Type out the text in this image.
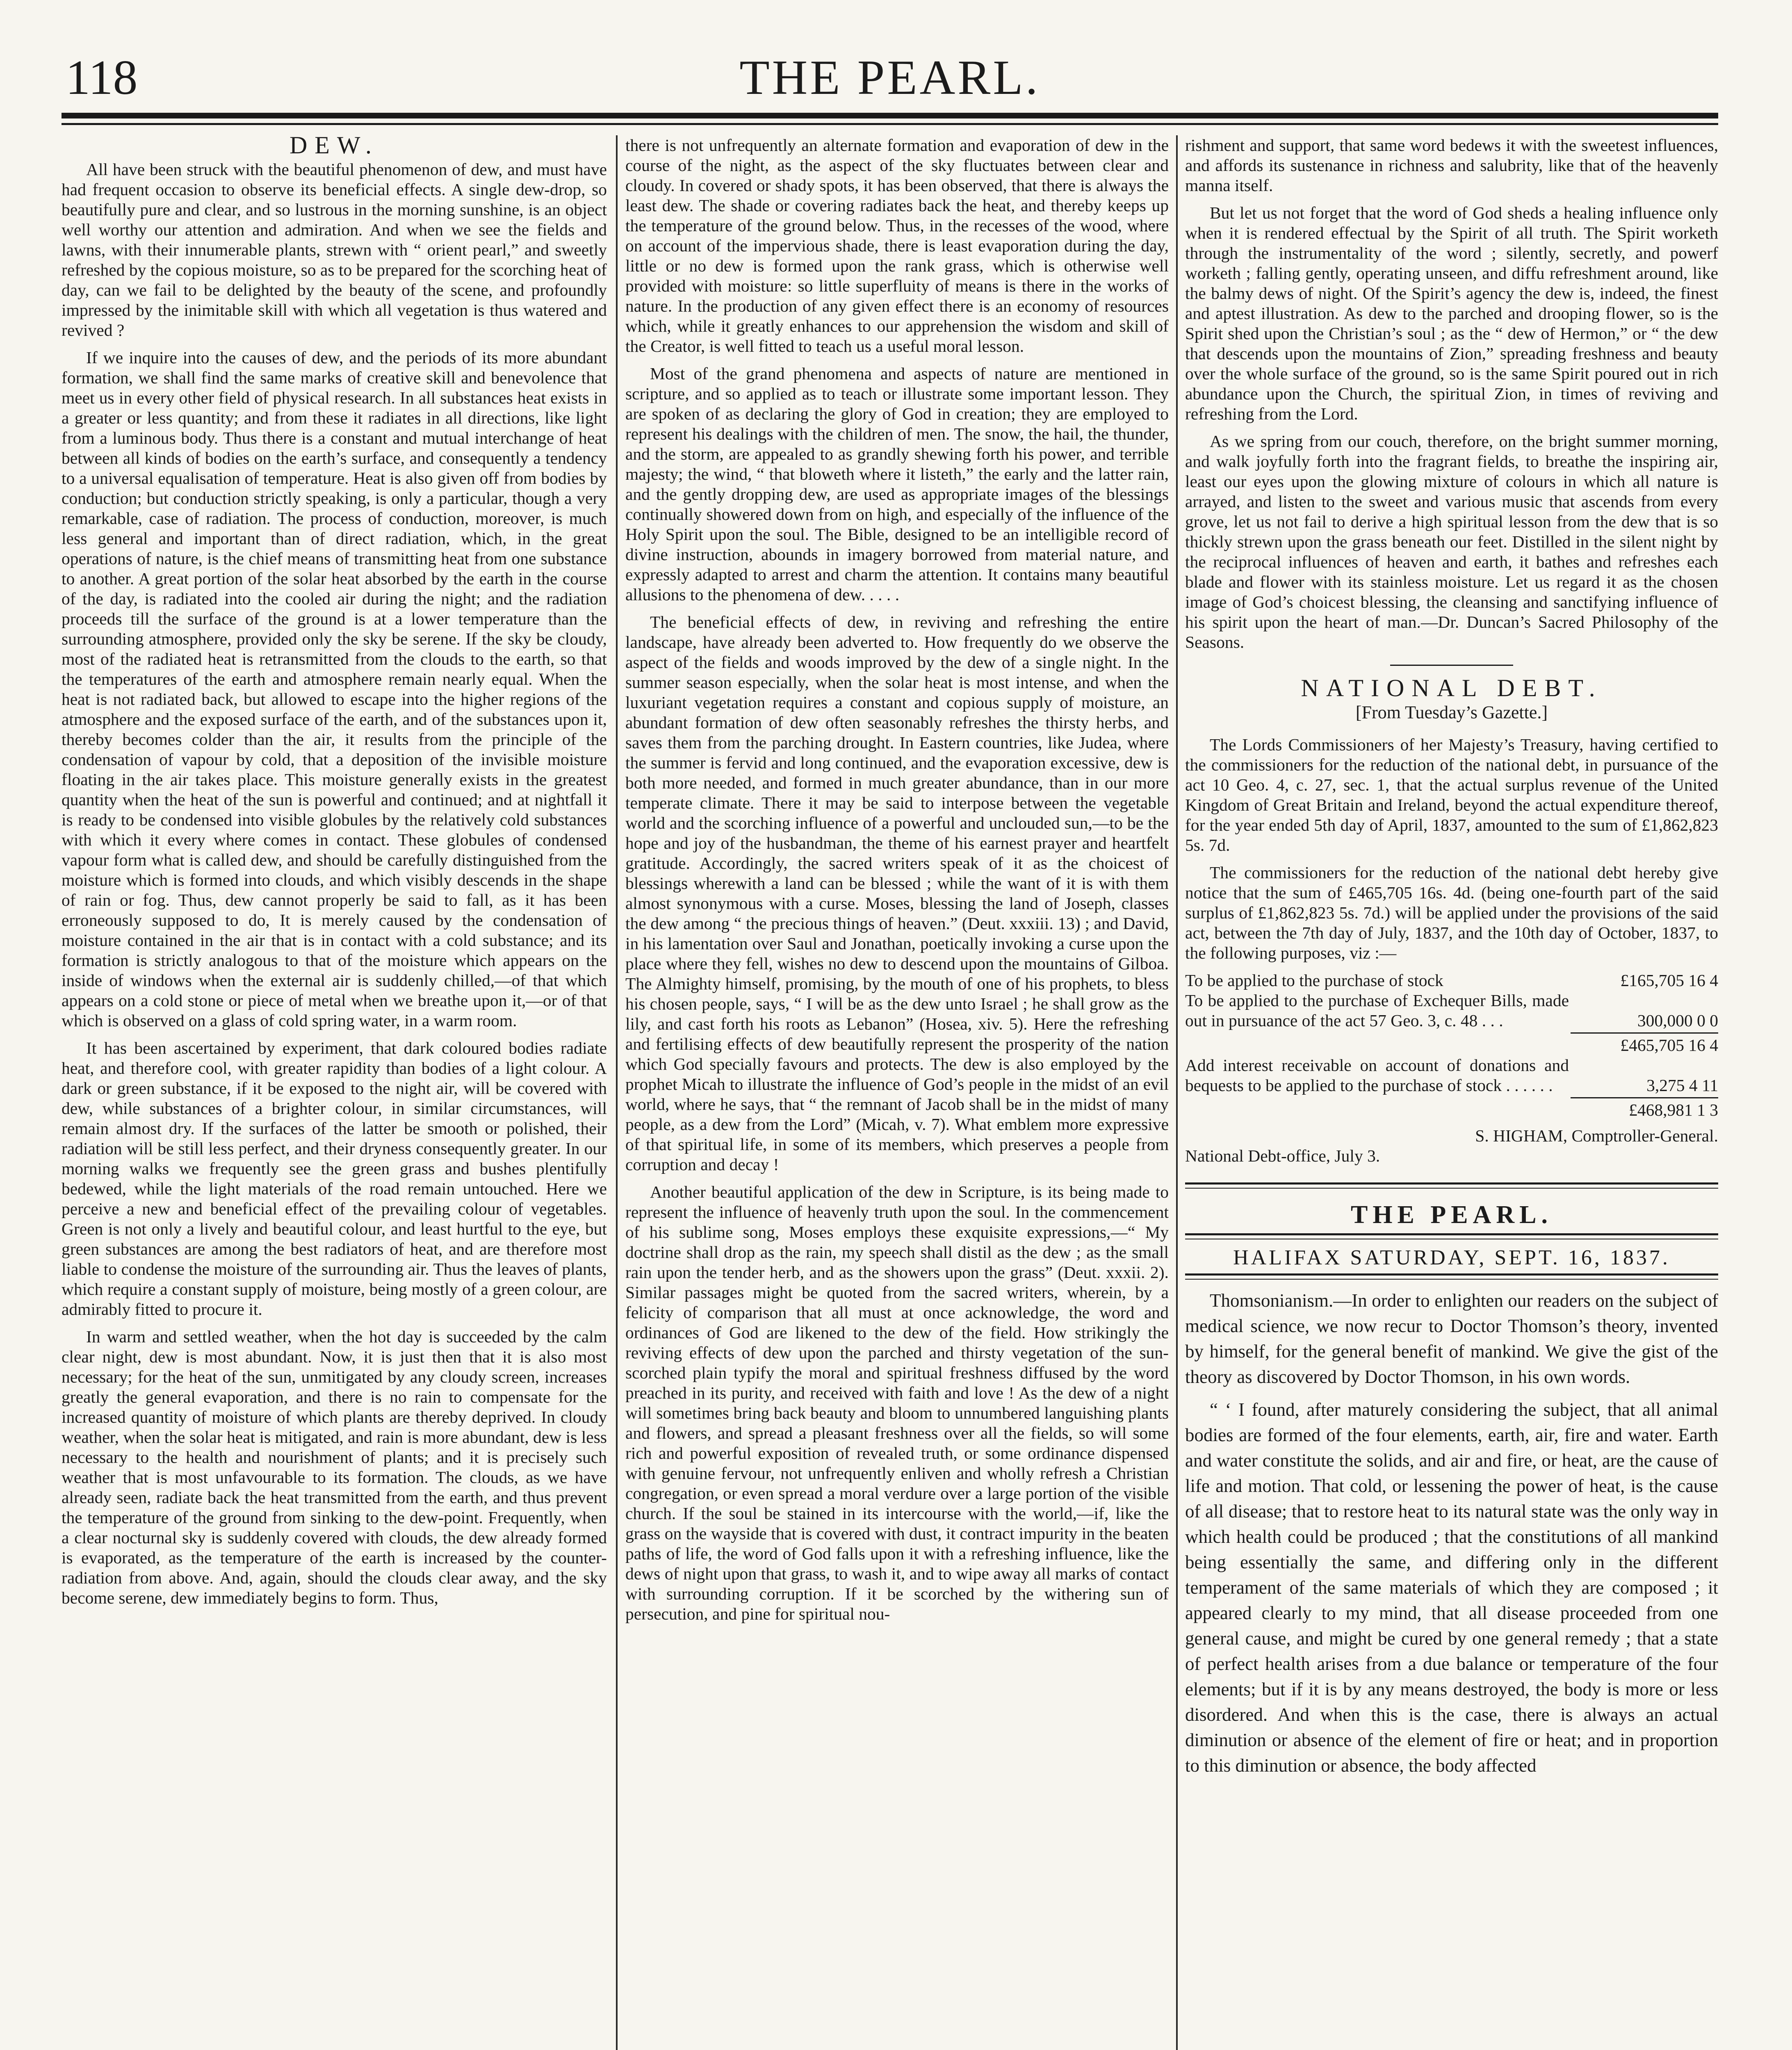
118	THE PEARL.
DEW.

All have been struck with the beautiful phenomenon of dew, and must have had frequent occasion to observe its beneficial effects. A single dew-drop, so beautifully pure and clear, and so lustrous in the morning sunshine, is an object well worthy our attention and admiration. And when we see the fields and lawns, with their innumerable plants, strewn with “ orient pearl,” and sweetly refreshed by the copious moisture, so as to be prepared for the scorching heat of day, can we fail to be delighted by the beauty of the scene, and profoundly impressed by the inimitable skill with which all vegetation is thus watered and revived ?

If we inquire into the causes of dew, and the periods of its more abundant formation, we shall find the same marks of creative skill and benevolence that meet us in every other field of physical research. In all substances heat exists in a greater or less quantity; and from these it radiates in all directions, like light from a luminous body. Thus there is a constant and mutual interchange of heat between all kinds of bodies on the earth’s surface, and consequently a tendency to a universal equalisation of temperature. Heat is also given off from bodies by conduction; but conduction strictly speaking, is only a particular, though a very remarkable, case of radiation. The process of conduction, moreover, is much less general and important than of direct radiation, which, in the great operations of nature, is the chief means of transmitting heat from one substance to another. A great portion of the solar heat absorbed by the earth in the course of the day, is radiated into the cooled air during the night; and the radiation proceeds till the surface of the ground is at a lower temperature than the surrounding atmosphere, provided only the sky be serene. If the sky be cloudy, most of the radiated heat is retransmitted from the clouds to the earth, so that the temperatures of the earth and atmosphere remain nearly equal. When the heat is not radiated back, but allowed to escape into the higher regions of the atmosphere and the exposed surface of the earth, and of the substances upon it, thereby becomes colder than the air, it results from the principle of the condensation of vapour by cold, that a deposition of the invisible moisture floating in the air takes place. This moisture generally exists in the greatest quantity when the heat of the sun is powerful and continued; and at nightfall it is ready to be condensed into visible globules by the relatively cold substances with which it every where comes in contact. These globules of condensed vapour form what is called dew, and should be carefully distinguished from the moisture which is formed into clouds, and which visibly descends in the shape of rain or fog. Thus, dew cannot properly be said to fall, as it has been erroneously supposed to do, It is merely caused by the condensation of moisture contained in the air that is in contact with a cold substance; and its formation is strictly analogous to that of the moisture which appears on the inside of windows when the external air is suddenly chilled,—of that which appears on a cold stone or piece of metal when we breathe upon it,—or of that which is observed on a glass of cold spring water, in a warm room.

It has been ascertained by experiment, that dark coloured bodies radiate heat, and therefore cool, with greater rapidity than bodies of a light colour. A dark or green substance, if it be exposed to the night air, will be covered with dew, while substances of a brighter colour, in similar circumstances, will remain almost dry. If the surfaces of the latter be smooth or polished, their radiation will be still less perfect, and their dryness consequently greater. In our morning walks we frequently see the green grass and bushes plentifully bedewed, while the light materials of the road remain untouched. Here we perceive a new and beneficial effect of the prevailing colour of vegetables. Green is not only a lively and beautiful colour, and least hurtful to the eye, but green substances are among the best radiators of heat, and are therefore most liable to condense the moisture of the surrounding air. Thus the leaves of plants, which require a constant supply of moisture, being mostly of a green colour, are admirably fitted to procure it.

In warm and settled weather, when the hot day is succeeded by the calm clear night, dew is most abundant. Now, it is just then that it is also most necessary; for the heat of the sun, unmitigated by any cloudy screen, increases greatly the general evaporation, and there is no rain to compensate for the increased quantity of moisture of which plants are thereby deprived. In cloudy weather, when the solar heat is mitigated, and rain is more abundant, dew is less necessary to the health and nourishment of plants; and it is precisely such weather that is most unfavourable to its formation. The clouds, as we have already seen, radiate back the heat transmitted from the earth, and thus prevent the temperature of the ground from sinking to the dew-point. Frequently, when a clear nocturnal sky is suddenly covered with clouds, the dew already formed is evaporated, as the temperature of the earth is increased by the counter-radiation from above. And, again, should the clouds clear away, and the sky become serene, dew immediately begins to form. Thus,

there is not unfrequently an alternate formation and evaporation of dew in the course of the night, as the aspect of the sky fluctuates between clear and cloudy. In covered or shady spots, it has been observed, that there is always the least dew. The shade or covering radiates back the heat, and thereby keeps up the temperature of the ground below. Thus, in the recesses of the wood, where on account of the impervious shade, there is least evaporation during the day, little or no dew is formed upon the rank grass, which is otherwise well provided with moisture: so little superfluity of means is there in the works of nature. In the production of any given effect there is an economy of resources which, while it greatly enhances to our apprehension the wisdom and skill of the Creator, is well fitted to teach us a useful moral lesson.

Most of the grand phenomena and aspects of nature are mentioned in scripture, and so applied as to teach or illustrate some important lesson. They are spoken of as declaring the glory of God in creation; they are employed to represent his dealings with the children of men. The snow, the hail, the thunder, and the storm, are appealed to as grandly shewing forth his power, and terrible majesty; the wind, “ that bloweth where it listeth,” the early and the latter rain, and the gently dropping dew, are used as appropriate images of the blessings continually showered down from on high, and especially of the influence of the Holy Spirit upon the soul. The Bible, designed to be an intelligible record of divine instruction, abounds in imagery borrowed from material nature, and expressly adapted to arrest and charm the attention. It contains many beautiful allusions to the phenomena of dew. . . . .

The beneficial effects of dew, in reviving and refreshing the entire landscape, have already been adverted to. How frequently do we observe the aspect of the fields and woods improved by the dew of a single night. In the summer season especially, when the solar heat is most intense, and when the luxuriant vegetation requires a constant and copious supply of moisture, an abundant formation of dew often seasonably refreshes the thirsty herbs, and saves them from the parching drought. In Eastern countries, like Judea, where the summer is fervid and long continued, and the evaporation excessive, dew is both more needed, and formed in much greater abundance, than in our more temperate climate. There it may be said to interpose between the vegetable world and the scorching influence of a powerful and unclouded sun,—to be the hope and joy of the husbandman, the theme of his earnest prayer and heartfelt gratitude. Accordingly, the sacred writers speak of it as the choicest of blessings wherewith a land can be blessed ; while the want of it is with them almost synonymous with a curse. Moses, blessing the land of Joseph, classes the dew among “ the precious things of heaven.” (Deut. xxxiii. 13) ; and David, in his lamentation over Saul and Jonathan, poetically invoking a curse upon the place where they fell, wishes no dew to descend upon the mountains of Gilboa. The Almighty himself, promising, by the mouth of one of his prophets, to bless his chosen people, says, “ I will be as the dew unto Israel ; he shall grow as the lily, and cast forth his roots as Lebanon” (Hosea, xiv. 5). Here the refreshing and fertilising effects of dew beautifully represent the prosperity of the nation which God specially favours and protects. The dew is also employed by the prophet Micah to illustrate the influence of God’s people in the midst of an evil world, where he says, that “ the remnant of Jacob shall be in the midst of many people, as a dew from the Lord” (Micah, v. 7). What emblem more expressive of that spiritual life, in some of its members, which preserves a people from corruption and decay !

Another beautiful application of the dew in Scripture, is its being made to represent the influence of heavenly truth upon the soul. In the commencement of his sublime song, Moses employs these exquisite expressions,—“ My doctrine shall drop as the rain, my speech shall distil as the dew ; as the small rain upon the tender herb, and as the showers upon the grass” (Deut. xxxii. 2). Similar passages might be quoted from the sacred writers, wherein, by a felicity of comparison that all must at once acknowledge, the word and ordinances of God are likened to the dew of the field. How strikingly the reviving effects of dew upon the parched and thirsty vegetation of the sun-scorched plain typify the moral and spiritual freshness diffused by the word preached in its purity, and received with faith and love ! As the dew of a night will sometimes bring back beauty and bloom to unnumbered languishing plants and flowers, and spread a pleasant freshness over all the fields, so will some rich and powerful exposition of revealed truth, or some ordinance dispensed with genuine fervour, not unfrequently enliven and wholly refresh a Christian congregation, or even spread a moral verdure over a large portion of the visible church. If the soul be stained in its intercourse with the world,—if, like the grass on the wayside that is covered with dust, it contract impurity in the beaten paths of life, the word of God falls upon it with a refreshing influence, like the dews of night upon that grass, to wash it, and to wipe away all marks of contact with surrounding corruption. If it be scorched by the withering sun of persecution, and pine for spiritual nou-

rishment and support, that same word bedews it with the sweetest influences, and affords its sustenance in richness and salubrity, like that of the heavenly manna itself.

But let us not forget that the word of God sheds a healing influence only when it is rendered effectual by the Spirit of all truth. The Spirit worketh through the instrumentality of the word ; silently, secretly, and powerf worketh ; falling gently, operating unseen, and diffu refreshment around, like the balmy dews of night. Of the Spirit’s agency the dew is, indeed, the finest and aptest illustration. As dew to the parched and drooping flower, so is the Spirit shed upon the Christian’s soul ; as the “ dew of Hermon,” or “ the dew that descends upon the mountains of Zion,” spreading freshness and beauty over the whole surface of the ground, so is the same Spirit poured out in rich abundance upon the Church, the spiritual Zion, in times of reviving and refreshing from the Lord.

As we spring from our couch, therefore, on the bright summer morning, and walk joyfully forth into the fragrant fields, to breathe the inspiring air, least our eyes upon the glowing mixture of colours in which all nature is arrayed, and listen to the sweet and various music that ascends from every grove, let us not fail to derive a high spiritual lesson from the dew that is so thickly strewn upon the grass beneath our feet. Distilled in the silent night by the reciprocal influences of heaven and earth, it bathes and refreshes each blade and flower with its stainless moisture. Let us regard it as the chosen image of God’s choicest blessing, the cleansing and sanctifying influence of his spirit upon the heart of man.—Dr. Duncan’s Sacred Philosophy of the Seasons.

NATIONAL DEBT.
[From Tuesday’s Gazette.]

The Lords Commissioners of her Majesty’s Treasury, having certified to the commissioners for the reduction of the national debt, in pursuance of the act 10 Geo. 4, c. 27, sec. 1, that the actual surplus revenue of the United Kingdom of Great Britain and Ireland, beyond the actual expenditure thereof, for the year ended 5th day of April, 1837, amounted to the sum of £1,862,823 5s. 7d.

The commissioners for the reduction of the national debt hereby give notice that the sum of £465,705 16s. 4d. (being one-fourth part of the said surplus of £1,862,823 5s. 7d.) will be applied under the provisions of the said act, between the 7th day of July, 1837, and the 10th day of October, 1837, to the following purposes, viz :—

To be applied to the purchase of stock	£165,705 16 4
To be applied to the purchase of Exchequer Bills, made out in pursuance of the act 57 Geo. 3, c. 48 . . .	300,000 0 0
£465,705 16 4
Add interest receivable on account of donations and bequests to be applied to the purchase of stock . . . . . .	3,275 4 11
£468,981 1 3
S. HIGHAM, Comptroller-General.
National Debt-office, July 3.
THE PEARL.
HALIFAX SATURDAY, SEPT. 16, 1837.

Thomsonianism.—In order to enlighten our readers on the subject of medical science, we now recur to Doctor Thomson’s theory, invented by himself, for the general benefit of mankind. We give the gist of the theory as discovered by Doctor Thomson, in his own words.

“ ‘ I found, after maturely considering the subject, that all animal bodies are formed of the four elements, earth, air, fire and water. Earth and water constitute the solids, and air and fire, or heat, are the cause of life and motion. That cold, or lessening the power of heat, is the cause of all disease; that to restore heat to its natural state was the only way in which health could be produced ; that the constitutions of all mankind being essentially the same, and differing only in the different temperament of the same materials of which they are composed ; it appeared clearly to my mind, that all disease proceeded from one general cause, and might be cured by one general remedy ; that a state of perfect health arises from a due balance or temperature of the four elements; but if it is by any means destroyed, the body is more or less disordered. And when this is the case, there is always an actual diminution or absence of the element of fire or heat; and in proportion to this diminution or absence, the body affected
